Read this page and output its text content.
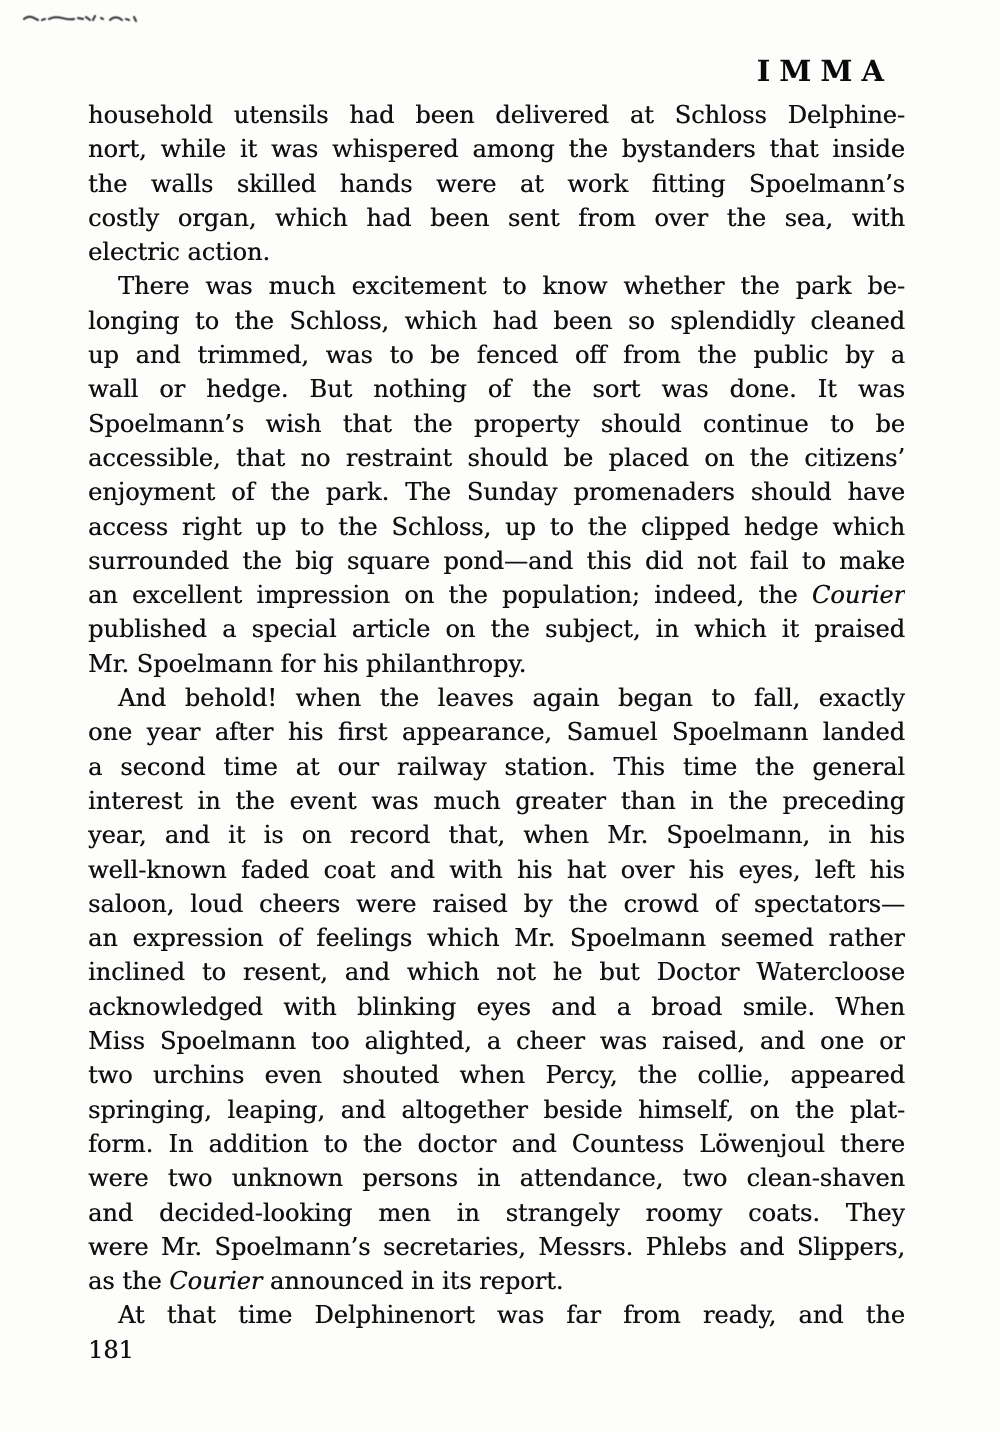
IMMA
household utensils had been delivered at Schloss Delphine-
nort, while it was whispered among the bystanders that inside
the walls skilled hands were at work fitting Spoelmann’s
costly organ, which had been sent from over the sea, with
electric action.
There was much excitement to know whether the park be-
longing to the Schloss, which had been so splendidly cleaned
up and trimmed, was to be fenced off from the public by a
wall or hedge. But nothing of the sort was done. It was
Spoelmann’s wish that the property should continue to be
accessible, that no restraint should be placed on the citizens’
enjoyment of the park. The Sunday promenaders should have
access right up to the Schloss, up to the clipped hedge which
surrounded the big square pond—and this did not fail to make
an excellent impression on the population; indeed, the Courier
published a special article on the subject, in which it praised
Mr. Spoelmann for his philanthropy.
And behold! when the leaves again began to fall, exactly
one year after his first appearance, Samuel Spoelmann landed
a second time at our railway station. This time the general
interest in the event was much greater than in the preceding
year, and it is on record that, when Mr. Spoelmann, in his
well-known faded coat and with his hat over his eyes, left his
saloon, loud cheers were raised by the crowd of spectators—
an expression of feelings which Mr. Spoelmann seemed rather
inclined to resent, and which not he but Doctor Watercloose
acknowledged with blinking eyes and a broad smile. When
Miss Spoelmann too alighted, a cheer was raised, and one or
two urchins even shouted when Percy, the collie, appeared
springing, leaping, and altogether beside himself, on the plat-
form. In addition to the doctor and Countess Löwenjoul there
were two unknown persons in attendance, two clean-shaven
and decided-looking men in strangely roomy coats. They
were Mr. Spoelmann’s secretaries, Messrs. Phlebs and Slippers,
as the Courier announced in its report.
At that time Delphinenort was far from ready, and the
181
